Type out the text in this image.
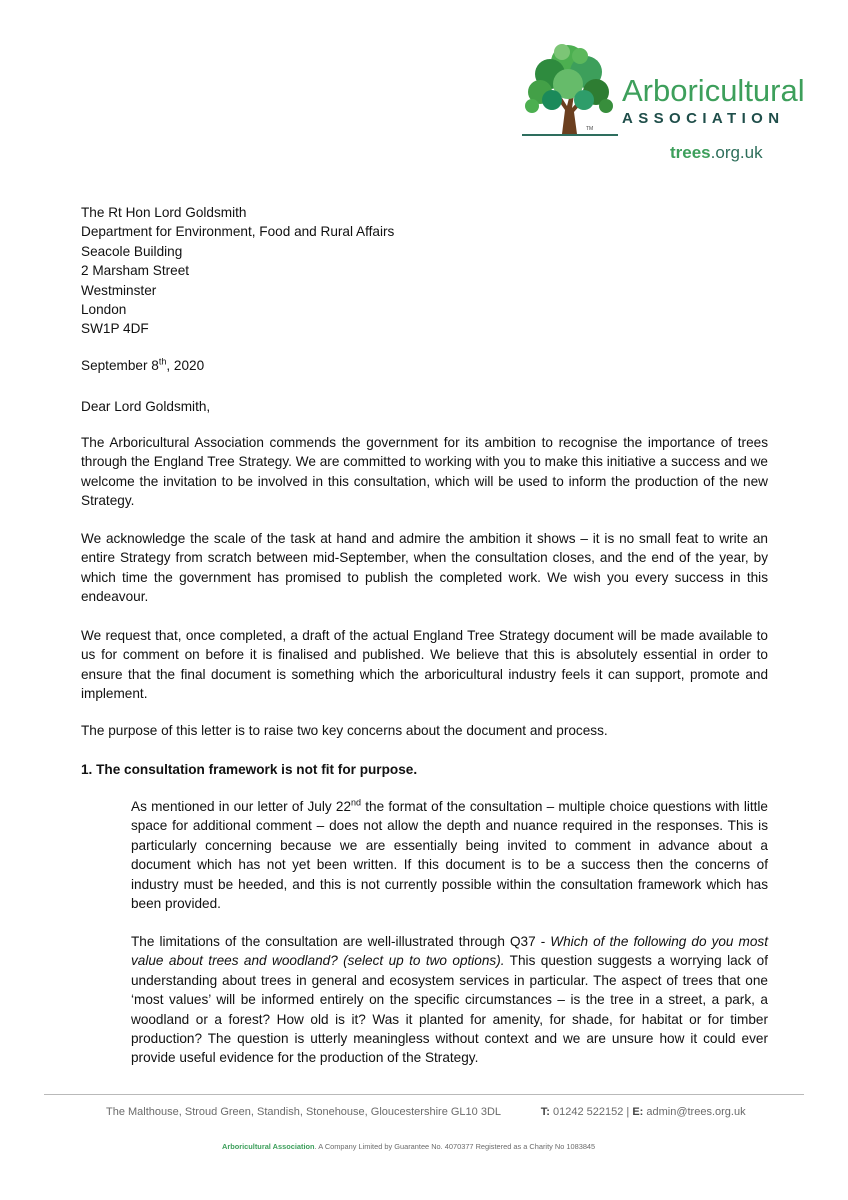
TM
Arboricultural
ASSOCIATION
trees.org.uk
The Rt Hon Lord Goldsmith
Department for Environment, Food and Rural Affairs
Seacole Building
2 Marsham Street
Westminster
London
SW1P 4DF
September 8th, 2020
Dear Lord Goldsmith,

The Arboricultural Association commends the government for its ambition to recognise the importance of trees through the England Tree Strategy. We are committed to working with you to make this initiative a success and we welcome the invitation to be involved in this consultation, which will be used to inform the production of the new Strategy.

We acknowledge the scale of the task at hand and admire the ambition it shows – it is no small feat to write an entire Strategy from scratch between mid-September, when the consultation closes, and the end of the year, by which time the government has promised to publish the completed work. We wish you every success in this endeavour.

We request that, once completed, a draft of the actual England Tree Strategy document will be made available to us for comment on before it is finalised and published. We believe that this is absolutely essential in order to ensure that the final document is something which the arboricultural industry feels it can support, promote and implement.

The purpose of this letter is to raise two key concerns about the document and process.

1. The consultation framework is not fit for purpose.

As mentioned in our letter of July 22nd the format of the consultation – multiple choice questions with little space for additional comment – does not allow the depth and nuance required in the responses. This is particularly concerning because we are essentially being invited to comment in advance about a document which has not yet been written. If this document is to be a success then the concerns of industry must be heeded, and this is not currently possible within the consultation framework which has been provided.

The limitations of the consultation are well-illustrated through Q37 - Which of the following do you most value about trees and woodland? (select up to two options). This question suggests a worrying lack of understanding about trees in general and ecosystem services in particular. The aspect of trees that one ‘most values’ will be informed entirely on the specific circumstances – is the tree in a street, a park, a woodland or a forest? How old is it? Was it planted for amenity, for shade, for habitat or for timber production? The question is utterly meaningless without context and we are unsure how it could ever provide useful evidence for the production of the Strategy.

The Malthouse, Stroud Green, Standish, Stonehouse, Gloucestershire GL10 3DL	T: 01242 522152 | E: admin@trees.org.uk
Arboricultural Association. A Company Limited by Guarantee No. 4070377 Registered as a Charity No 1083845
